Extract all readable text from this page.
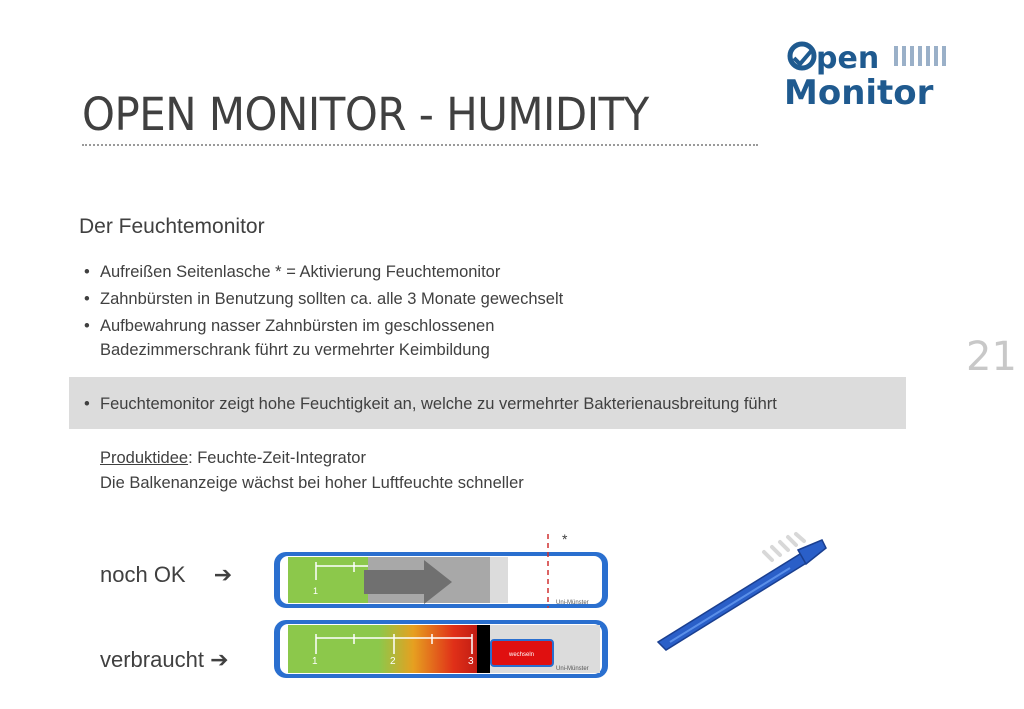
pen
Monitor
OPEN MONITOR - HUMIDITY
21
Der Feuchtemonitor
• Aufreißen Seitenlasche * = Aktivierung Feuchtemonitor
• Zahnbürsten in Benutzung sollten ca. alle 3 Monate gewechselt
• Aufbewahrung nasser Zahnbürsten im geschlossenen
Badezimmerschrank führt zu vermehrter Keimbildung
• Feuchtemonitor zeigt hohe Feuchtigkeit an, welche zu vermehrter Bakterienausbreitung führt
Produktidee: Feuchte-Zeit-Integrator
Die Balkenanzeige wächst bei hoher Luftfeuchte schneller
noch OK ➔
verbraucht ➔
1
Uni-Münster
*
1	2	3
wechseln
Uni-Münster
